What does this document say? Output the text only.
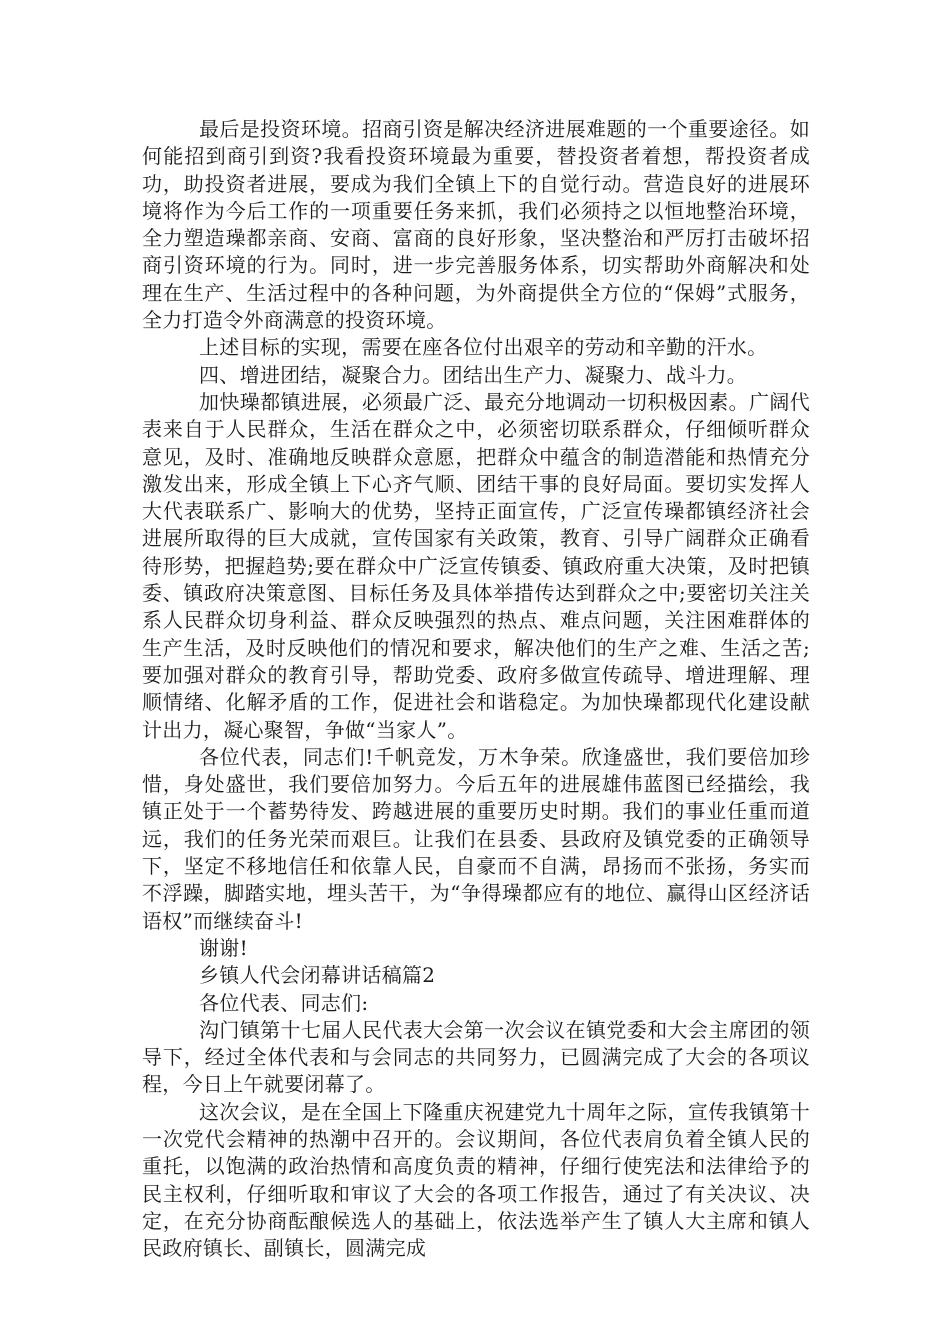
最后是投资环境。招商引资是解决经济进展难题的一个重要途径。如何能招到商引到资?我看投资环境最为重要，替投资者着想，帮投资者成功，助投资者进展，要成为我们全镇上下的自觉行动。营造良好的进展环境将作为今后工作的一项重要任务来抓，我们必须持之以恒地整治环境，全力塑造璪都亲商、安商、富商的良好形象，坚决整治和严厉打击破坏招商引资环境的行为。同时，进一步完善服务体系，切实帮助外商解决和处理在生产、生活过程中的各种问题，为外商提供全方位的“保姆”式服务，全力打造令外商满意的投资环境。

上述目标的实现，需要在座各位付出艰辛的劳动和辛勤的汗水。

四、增进团结，凝聚合力。团结出生产力、凝聚力、战斗力。

加快璪都镇进展，必须最广泛、最充分地调动一切积极因素。广阔代表来自于人民群众，生活在群众之中，必须密切联系群众，仔细倾听群众意见，及时、准确地反映群众意愿，把群众中蕴含的制造潜能和热情充分激发出来，形成全镇上下心齐气顺、团结干事的良好局面。要切实发挥人大代表联系广、影响大的优势，坚持正面宣传，广泛宣传璪都镇经济社会进展所取得的巨大成就，宣传国家有关政策，教育、引导广阔群众正确看待形势，把握趋势;要在群众中广泛宣传镇委、镇政府重大决策，及时把镇委、镇政府决策意图、目标任务及具体举措传达到群众之中;要密切关注关系人民群众切身利益、群众反映强烈的热点、难点问题，关注困难群体的生产生活，及时反映他们的情况和要求，解决他们的生产之难、生活之苦;要加强对群众的教育引导，帮助党委、政府多做宣传疏导、增进理解、理顺情绪、化解矛盾的工作，促进社会和谐稳定。为加快璪都现代化建设献计出力，凝心聚智，争做“当家人”。

各位代表，同志们!千帆竞发，万木争荣。欣逢盛世，我们要倍加珍惜，身处盛世，我们要倍加努力。今后五年的进展雄伟蓝图已经描绘，我镇正处于一个蓄势待发、跨越进展的重要历史时期。我们的事业任重而道远，我们的任务光荣而艰巨。让我们在县委、县政府及镇党委的正确领导下，坚定不移地信任和依靠人民，自豪而不自满，昂扬而不张扬，务实而不浮躁，脚踏实地，埋头苦干，为“争得璪都应有的地位、赢得山区经济话语权”而继续奋斗!

谢谢!

乡镇人代会闭幕讲话稿篇2

各位代表、同志们:

沟门镇第十七届人民代表大会第一次会议在镇党委和大会主席团的领导下，经过全体代表和与会同志的共同努力，已圆满完成了大会的各项议程，今日上午就要闭幕了。

这次会议，是在全国上下隆重庆祝建党九十周年之际，宣传我镇第十一次党代会精神的热潮中召开的。会议期间，各位代表肩负着全镇人民的重托，以饱满的政治热情和高度负责的精神，仔细行使宪法和法律给予的民主权利，仔细听取和审议了大会的各项工作报告，通过了有关决议、决定，在充分协商酝酿候选人的基础上，依法选举产生了镇人大主席和镇人民政府镇长、副镇长，圆满完成
